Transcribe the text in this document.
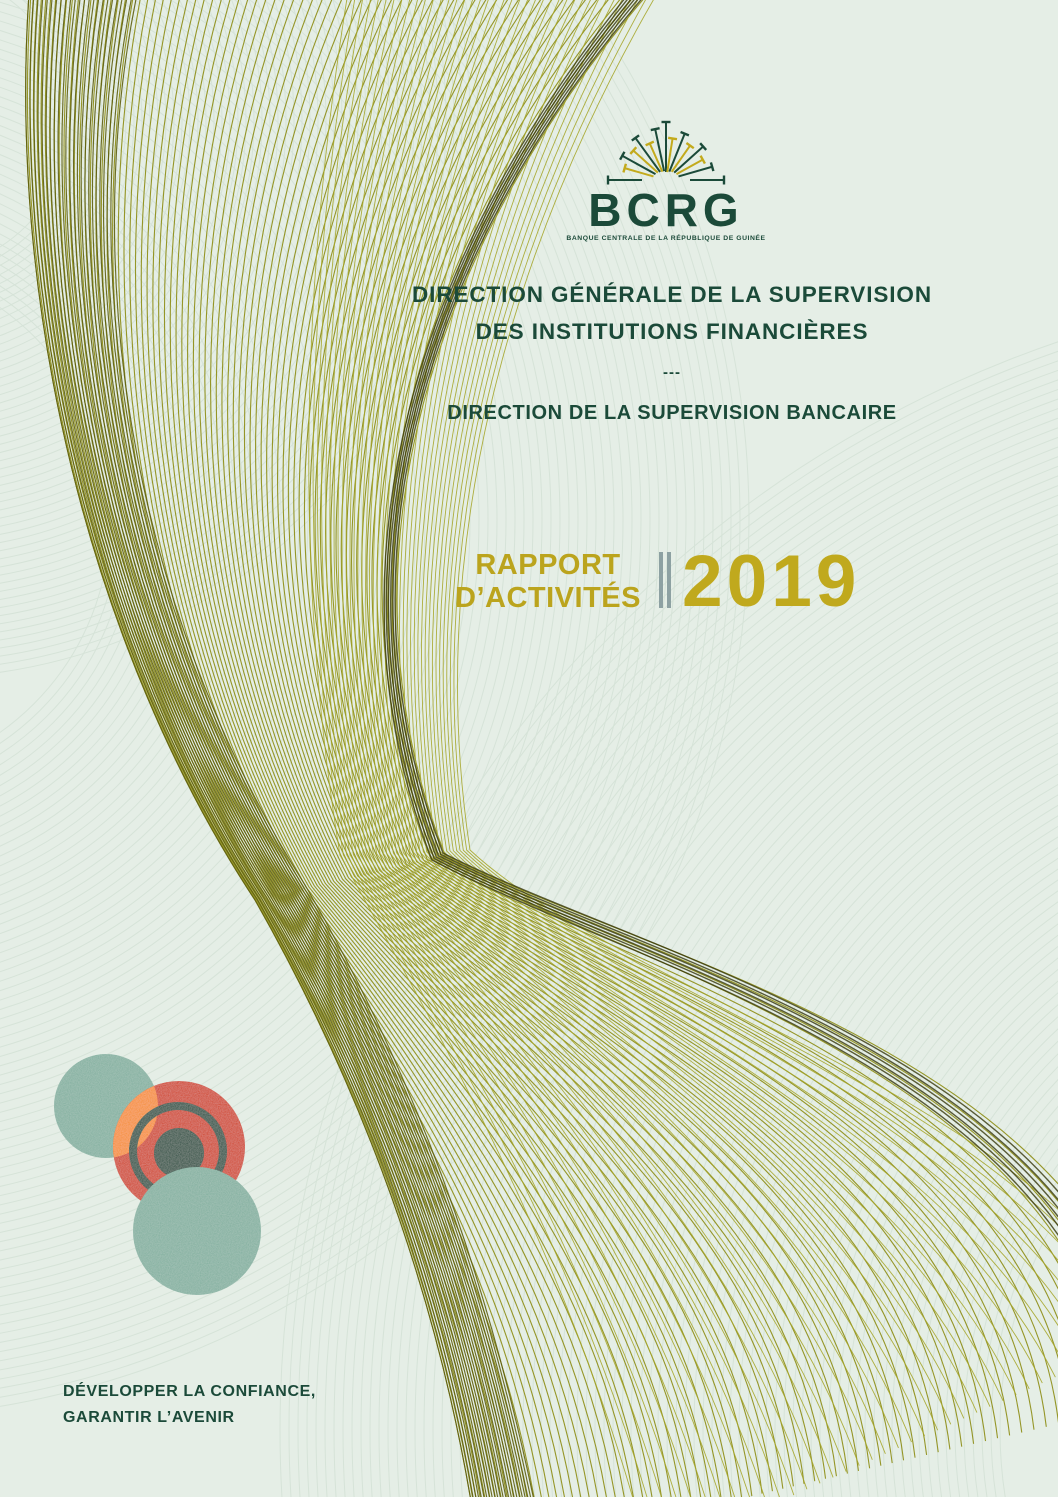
BCRG
BANQUE CENTRALE DE LA RÉPUBLIQUE DE GUINÉE
DIRECTION GÉNÉRALE DE LA SUPERVISION
DES INSTITUTIONS FINANCIÈRES
---
DIRECTION DE LA SUPERVISION BANCAIRE
RAPPORT
D’ACTIVITÉS 2019
DÉVELOPPER LA CONFIANCE,
GARANTIR L’AVENIR
